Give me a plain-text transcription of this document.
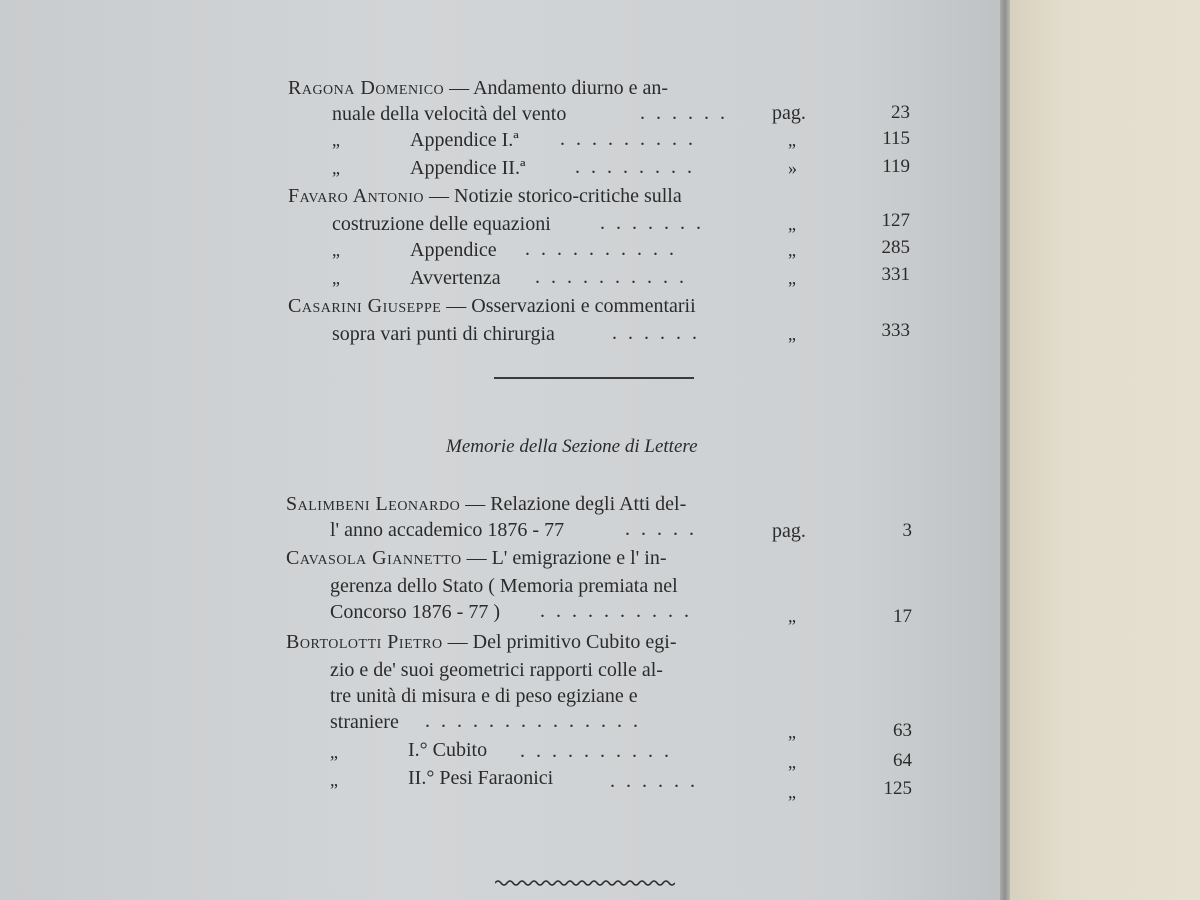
Ragona Domenico — Andamento diurno e an-
nuale della velocità del vento	...... pag.	23
„	Appendice I.ª .........	„	115
„	Appendice II.ª ........	»	119
Favaro Antonio — Notizie storico-critiche sulla
costruzione delle equazioni .......	„	127
„	Appendice ..........	„	285
„	Avvertenza ..........	„	331
Casarini Giuseppe — Osservazioni e commentarii
sopra vari punti di chirurgia	......	„	333
Memorie della Sezione di Lettere
Salimbeni Leonardo — Relazione degli Atti del-
l' anno accademico 1876 - 77	.....	pag.	3
Cavasola Giannetto — L' emigrazione e l' in-
gerenza dello Stato ( Memoria premiata nel
Concorso 1876 - 77 ) ..........	„	17
Bortolotti Pietro — Del primitivo Cubito egi-
zio e de' suoi geometrici rapporti colle al-
tre unità di misura e di peso egiziane e
straniere ..............	„	63
„	I.° Cubito ..........	„	64
„	II.° Pesi Faraonici	......	„	125
